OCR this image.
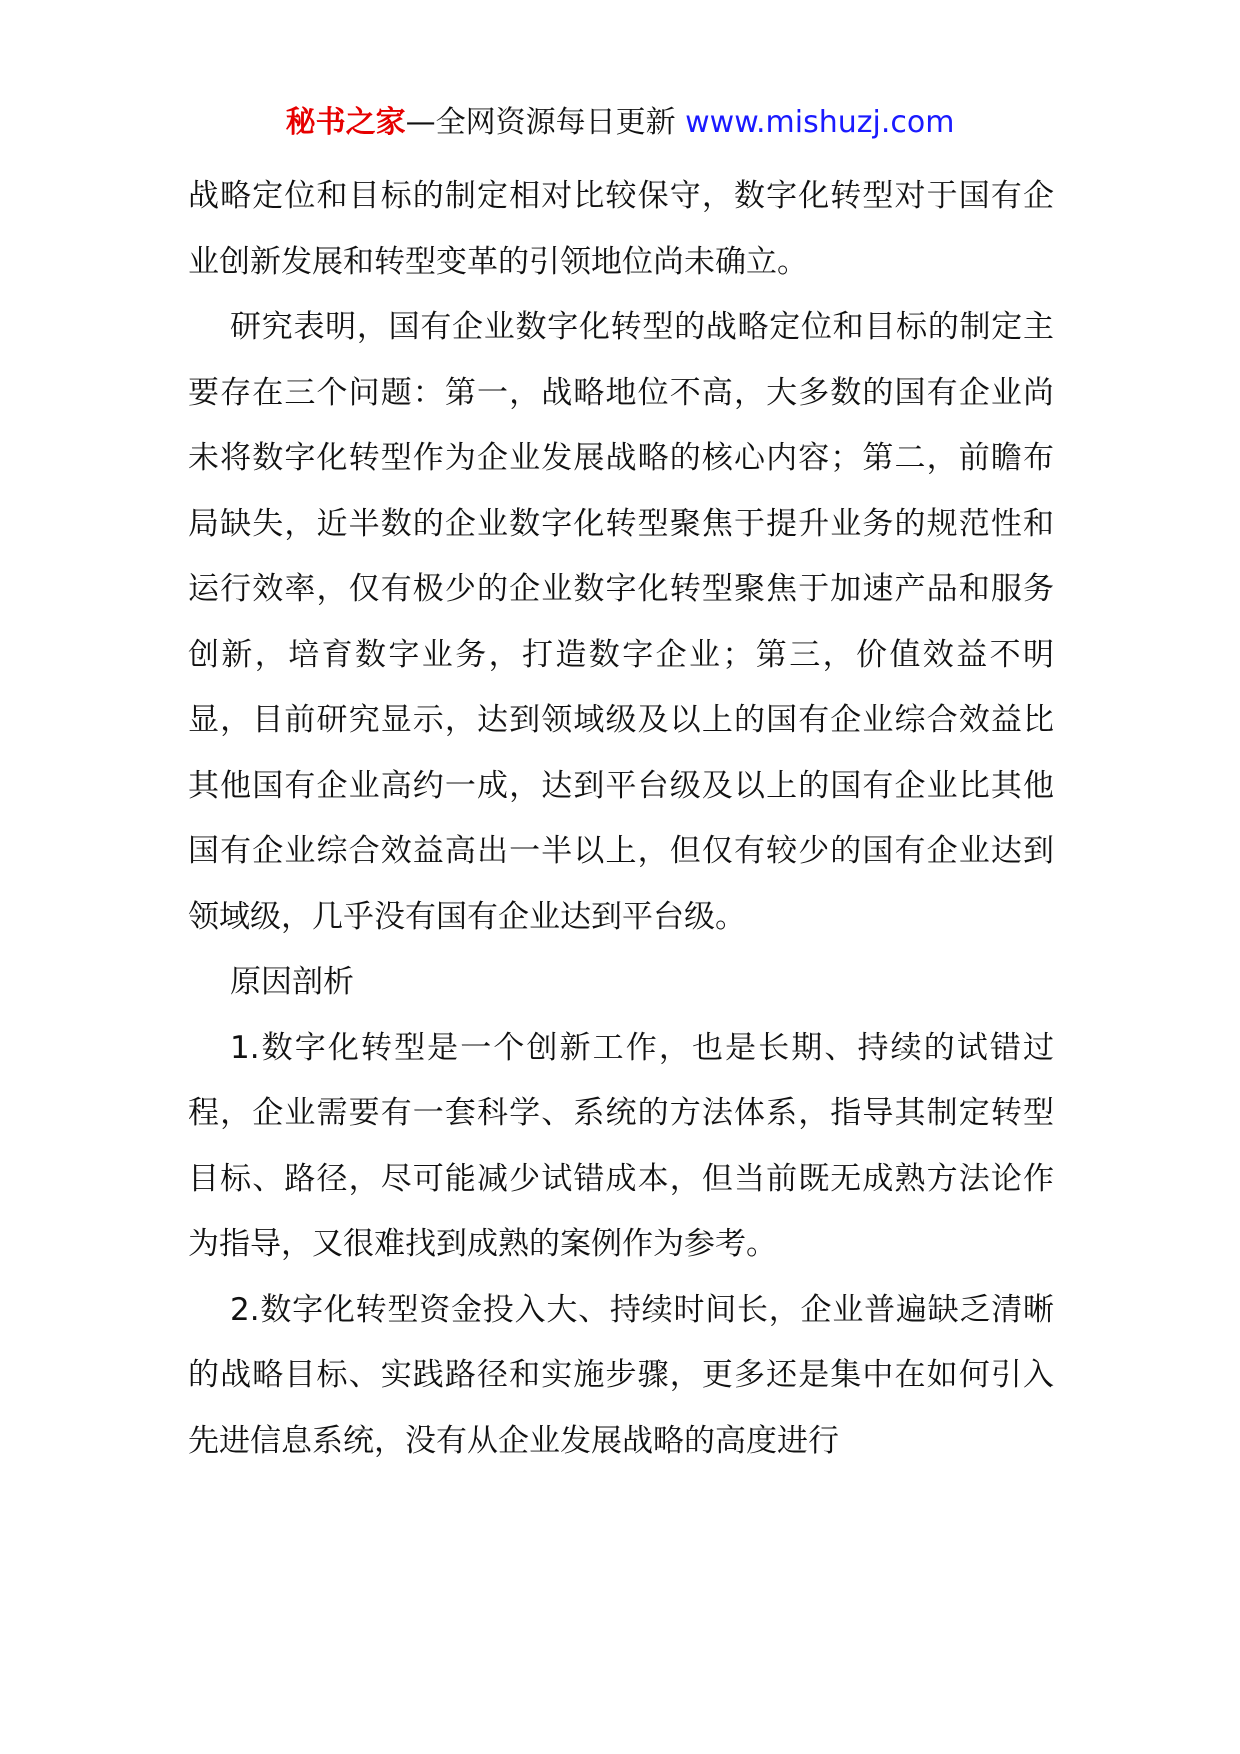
秘书之家—全网资源每日更新 www.mishuzj.com

战略定位和目标的制定相对比较保守，数字化转型对于国有企业创新发展和转型变革的引领地位尚未确立。

研究表明，国有企业数字化转型的战略定位和目标的制定主要存在三个问题：第一，战略地位不高，大多数的国有企业尚未将数字化转型作为企业发展战略的核心内容；第二，前瞻布局缺失，近半数的企业数字化转型聚焦于提升业务的规范性和运行效率，仅有极少的企业数字化转型聚焦于加速产品和服务创新，培育数字业务，打造数字企业；第三，价值效益不明显，目前研究显示，达到领域级及以上的国有企业综合效益比其他国有企业高约一成，达到平台级及以上的国有企业比其他国有企业综合效益高出一半以上，但仅有较少的国有企业达到领域级，几乎没有国有企业达到平台级。

原因剖析

1.数字化转型是一个创新工作，也是长期、持续的试错过程，企业需要有一套科学、系统的方法体系，指导其制定转型目标、路径，尽可能减少试错成本，但当前既无成熟方法论作为指导，又很难找到成熟的案例作为参考。

2.数字化转型资金投入大、持续时间长，企业普遍缺乏清晰的战略目标、实践路径和实施步骤，更多还是集中在如何引入先进信息系统，没有从企业发展战略的高度进行
